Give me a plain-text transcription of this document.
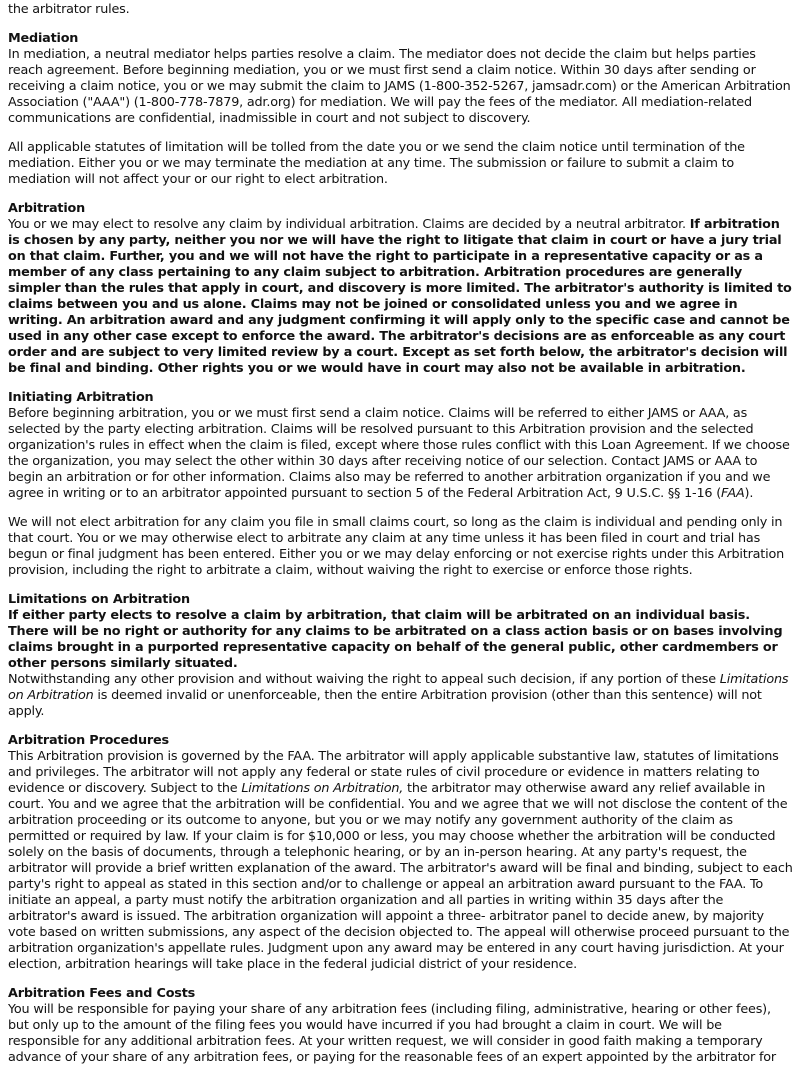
the arbitrator rules.
Mediation
In mediation, a neutral mediator helps parties resolve a claim. The mediator does not decide the claim but helps parties reach agreement. Before beginning mediation, you or we must first send a claim notice. Within 30 days after sending or receiving a claim notice, you or we may submit the claim to JAMS (1-800-352-5267, jamsadr.com) or the American Arbitration Association ("AAA") (1-800-778-7879, adr.org) for mediation. We will pay the fees of the mediator. All mediation-related communications are confidential, inadmissible in court and not subject to discovery.
All applicable statutes of limitation will be tolled from the date you or we send the claim notice until termination of the mediation. Either you or we may terminate the mediation at any time. The submission or failure to submit a claim to mediation will not affect your or our right to elect arbitration.
Arbitration
You or we may elect to resolve any claim by individual arbitration. Claims are decided by a neutral arbitrator. If arbitration is chosen by any party, neither you nor we will have the right to litigate that claim in court or have a jury trial on that claim. Further, you and we will not have the right to participate in a representative capacity or as a member of any class pertaining to any claim subject to arbitration. Arbitration procedures are generally simpler than the rules that apply in court, and discovery is more limited. The arbitrator's authority is limited to claims between you and us alone. Claims may not be joined or consolidated unless you and we agree in writing. An arbitration award and any judgment confirming it will apply only to the specific case and cannot be used in any other case except to enforce the award. The arbitrator's decisions are as enforceable as any court order and are subject to very limited review by a court. Except as set forth below, the arbitrator's decision will be final and binding. Other rights you or we would have in court may also not be available in arbitration.
Initiating Arbitration
Before beginning arbitration, you or we must first send a claim notice. Claims will be referred to either JAMS or AAA, as selected by the party electing arbitration. Claims will be resolved pursuant to this Arbitration provision and the selected organization's rules in effect when the claim is filed, except where those rules conflict with this Loan Agreement. If we choose the organization, you may select the other within 30 days after receiving notice of our selection. Contact JAMS or AAA to begin an arbitration or for other information. Claims also may be referred to another arbitration organization if you and we agree in writing or to an arbitrator appointed pursuant to section 5 of the Federal Arbitration Act, 9 U.S.C. §§ 1-16 (FAA).
We will not elect arbitration for any claim you file in small claims court, so long as the claim is individual and pending only in that court. You or we may otherwise elect to arbitrate any claim at any time unless it has been filed in court and trial has begun or final judgment has been entered. Either you or we may delay enforcing or not exercise rights under this Arbitration provision, including the right to arbitrate a claim, without waiving the right to exercise or enforce those rights.
Limitations on Arbitration
If either party elects to resolve a claim by arbitration, that claim will be arbitrated on an individual basis. There will be no right or authority for any claims to be arbitrated on a class action basis or on bases involving claims brought in a purported representative capacity on behalf of the general public, other cardmembers or other persons similarly situated.
Notwithstanding any other provision and without waiving the right to appeal such decision, if any portion of these Limitations on Arbitration is deemed invalid or unenforceable, then the entire Arbitration provision (other than this sentence) will not apply.
Arbitration Procedures
This Arbitration provision is governed by the FAA. The arbitrator will apply applicable substantive law, statutes of limitations and privileges. The arbitrator will not apply any federal or state rules of civil procedure or evidence in matters relating to evidence or discovery. Subject to the Limitations on Arbitration, the arbitrator may otherwise award any relief available in court. You and we agree that the arbitration will be confidential. You and we agree that we will not disclose the content of the arbitration proceeding or its outcome to anyone, but you or we may notify any government authority of the claim as permitted or required by law. If your claim is for $10,000 or less, you may choose whether the arbitration will be conducted solely on the basis of documents, through a telephonic hearing, or by an in-person hearing. At any party's request, the arbitrator will provide a brief written explanation of the award. The arbitrator's award will be final and binding, subject to each party's right to appeal as stated in this section and/or to challenge or appeal an arbitration award pursuant to the FAA. To initiate an appeal, a party must notify the arbitration organization and all parties in writing within 35 days after the arbitrator's award is issued. The arbitration organization will appoint a three- arbitrator panel to decide anew, by majority vote based on written submissions, any aspect of the decision objected to. The appeal will otherwise proceed pursuant to the arbitration organization's appellate rules. Judgment upon any award may be entered in any court having jurisdiction. At your election, arbitration hearings will take place in the federal judicial district of your residence.
Arbitration Fees and Costs
You will be responsible for paying your share of any arbitration fees (including filing, administrative, hearing or other fees), but only up to the amount of the filing fees you would have incurred if you had brought a claim in court. We will be responsible for any additional arbitration fees. At your written request, we will consider in good faith making a temporary advance of your share of any arbitration fees, or paying for the reasonable fees of an expert appointed by the arbitrator for
